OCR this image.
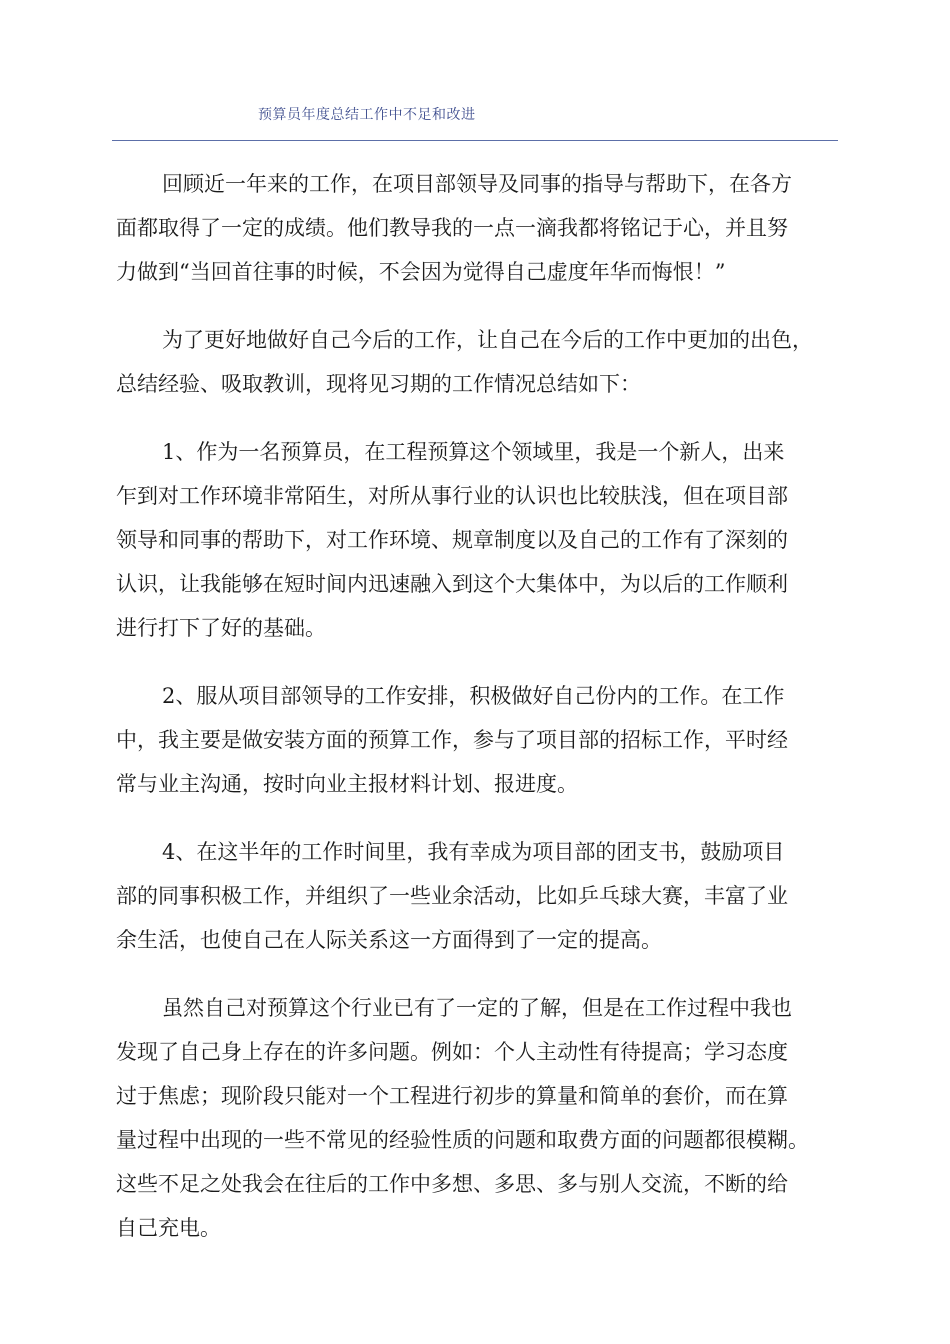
预算员年度总结工作中不足和改进

回顾近一年来的工作，在项目部领导及同事的指导与帮助下，在各方
面都取得了一定的成绩。他们教导我的一点一滴我都将铭记于心，并且努
力做到“当回首往事的时候，不会因为觉得自己虚度年华而悔恨！”

为了更好地做好自己今后的工作，让自己在今后的工作中更加的出色，
总结经验、吸取教训，现将见习期的工作情况总结如下：

1、作为一名预算员，在工程预算这个领域里，我是一个新人，出来
乍到对工作环境非常陌生，对所从事行业的认识也比较肤浅，但在项目部
领导和同事的帮助下，对工作环境、规章制度以及自己的工作有了深刻的
认识，让我能够在短时间内迅速融入到这个大集体中，为以后的工作顺利
进行打下了好的基础。

2、服从项目部领导的工作安排，积极做好自己份内的工作。在工作
中，我主要是做安装方面的预算工作，参与了项目部的招标工作，平时经
常与业主沟通，按时向业主报材料计划、报进度。

4、在这半年的工作时间里，我有幸成为项目部的团支书，鼓励项目
部的同事积极工作，并组织了一些业余活动，比如乒乓球大赛，丰富了业
余生活，也使自己在人际关系这一方面得到了一定的提高。

虽然自己对预算这个行业已有了一定的了解，但是在工作过程中我也
发现了自己身上存在的许多问题。例如：个人主动性有待提高；学习态度
过于焦虑；现阶段只能对一个工程进行初步的算量和简单的套价，而在算
量过程中出现的一些不常见的经验性质的问题和取费方面的问题都很模糊。
这些不足之处我会在往后的工作中多想、多思、多与别人交流，不断的给
自己充电。
